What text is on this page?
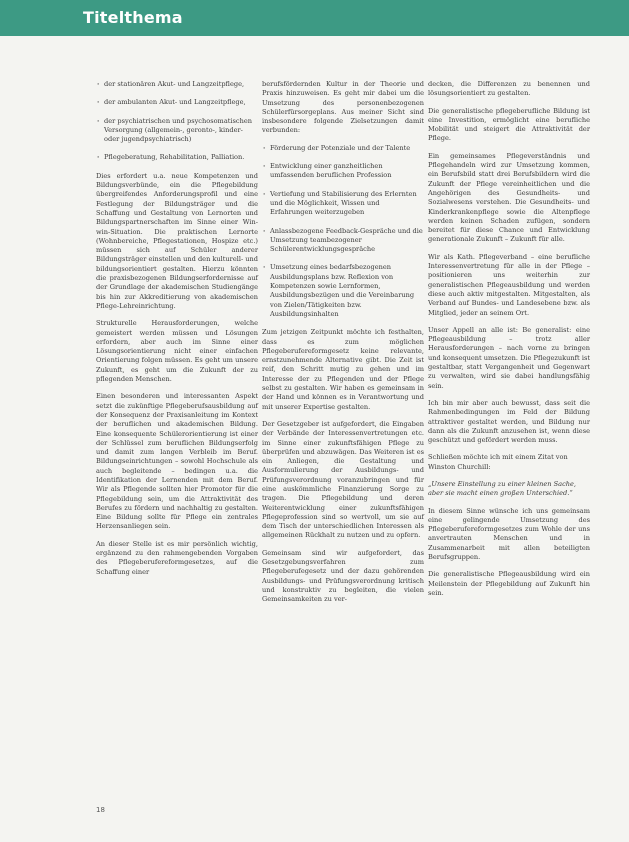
Titelthema
· der stationären Akut- und Langzeitpflege,
· der ambulanten Akut- und Langzeitpflege,
· der psychiatrischen und psychosomatischen Versorgung (allgemein-, geronto-, kinder- oder jugendpsychiatrisch)
· Pflegeberatung, Rehabilitation, Palliation.

Dies erfordert u.a. neue Kompetenzen und Bildungsverbünde, ein die Pflegebildung übergreifendes Anforderungsprofil und eine Festlegung der Bildungsträger und die Schaffung und Gestaltung von Lernorten und Bildungspartnerschaften im Sinne einer Win-win-Situation. Die praktischen Lernorte (Wohnbereiche, Pflegestationen, Hospize etc.) müssen sich auf Schüler anderer Bildungsträger einstellen und den kulturell- und bildungsorientiert gestalten. Hierzu könnten die praxisbezogenen Bildungserfordernisse auf der Grundlage der akademischen Studiengänge bis hin zur Akkreditierung von akademischen Pflege-Lehreinrichtung.

Strukturelle Herausforderungen, welche gemeistert werden müssen und Lösungen erfordern, aber auch im Sinne einer Lösungsorientierung nicht einer einfachen Orientierung folgen müssen. Es geht um unsere Zukunft, es geht um die Zukunft der zu pflegenden Menschen.

Einen besonderen und interessanten Aspekt setzt die zukünftige Pflegeberufsausbildung auf der Konsequenz der Praxisanleitung im Kontext der beruflichen und akademischen Bildung. Eine konsequente Schülerorientierung ist einer der Schlüssel zum beruflichen Bildungserfolg und damit zum langen Verbleib im Beruf. Bildungseinrichtungen – sowohl Hochschule als auch begleitende – bedingen u.a. die Identifikation der Lernenden mit dem Beruf. Wir als Pflegende sollten hier Promotor für die Pflegebildung sein, um die Attraktivität des Berufes zu fördern und nachhaltig zu gestalten. Eine Bildung sollte für Pflege ein zentrales Herzensanliegen sein.

An dieser Stelle ist es mir persönlich wichtig, ergänzend zu den rahmengebenden Vorgaben des Pflegeberufereformgesetzes, auf die Schaffung einer

berufsfördernden Kultur in der Theorie und Praxis hinzuweisen. Es geht mir dabei um die Umsetzung des personenbezogenen Schülerfürsorgeplans. Aus meiner Sicht sind insbesondere folgende Zielsetzungen damit verbunden:

· Förderung der Potenziale und der Talente
· Entwicklung einer ganzheitlichen umfassenden beruflichen Profession
· Vertiefung und Stabilisierung des Erlernten und die Möglichkeit, Wissen und Erfahrungen weiterzugeben
· Anlassbezogene Feedback-Gespräche und die Umsetzung teambezogener Schülerentwicklungsgespräche
· Umsetzung eines bedarfsbezogenen Ausbildungsplans bzw. Reflexion von Kompetenzen sowie Lernformen, Ausbildungsbezügen und die Vereinbarung von Zielen/Tätigkeiten bzw. Ausbildungsinhalten

Zum jetzigen Zeitpunkt möchte ich festhalten, dass es zum möglichen Pflegeberufereformgesetz keine relevante, ernstzunehmende Alternative gibt. Die Zeit ist reif, den Schritt mutig zu gehen und im Interesse der zu Pflegenden und der Pflege selbst zu gestalten. Wir haben es gemeinsam in der Hand und können es in Verantwortung und mit unserer Expertise gestalten.

Der Gesetzgeber ist aufgefordert, die Eingaben der Verbände der Interessenvertretungen etc. im Sinne einer zukunftsfähigen Pflege zu überprüfen und abzuwägen. Das Weiteren ist es ein Anliegen, die Gestaltung und Ausformulierung der Ausbildungs- und Prüfungsverordnung voranzubringen und für eine auskömmliche Finanzierung Sorge zu tragen. Die Pflegebildung und deren Weiterentwicklung einer zukunftsfähigen Pflegeprofession sind so wertvoll, um sie auf dem Tisch der unterschiedlichen Interessen als allgemeinen Rückhalt zu nutzen und zu opfern.

Gemeinsam sind wir aufgefordert, das Gesetzgebungsverfahren zum Pflegeberufegesetz und der dazu gehörenden Ausbildungs- und Prüfungsverordnung kritisch und konstruktiv zu begleiten, die vielen Gemeinsamkeiten zu ver-

decken, die Differenzen zu benennen und lösungsorientiert zu gestalten.

Die generalistische pflegeberufliche Bildung ist eine Investition, ermöglicht eine berufliche Mobilität und steigert die Attraktivität der Pflege.

Ein gemeinsames Pflegeverständnis und Pflegehandeln wird zur Umsetzung kommen, ein Berufsbild statt drei Berufsbildern wird die Zukunft der Pflege vereinheitlichen und die Angehörigen des Gesundheits- und Sozialwesens verstehen. Die Gesundheits- und Kinderkrankenpflege sowie die Altenpflege werden keinen Schaden zufügen, sondern bereitet für diese Chance und Entwicklung generationale Zukunft – Zukunft für alle.

Wir als Kath. Pflegeverband – eine berufliche Interessenvertretung für alle in der Pflege – positionieren uns weiterhin zur generalistischen Pflegeausbildung und werden diese auch aktiv mitgestalten. Mitgestalten, als Verband auf Bundes- und Landesebene bzw. als Mitglied, jeder an seinem Ort.

Unser Appell an alle ist: Be generalist: eine Pflegeausbildung – trotz aller Herausforderungen – nach vorne zu bringen und konsequent umsetzen. Die Pflegezukunft ist gestaltbar, statt Vergangenheit und Gegenwart zu verwalten, wird sie dabei handlungsfähig sein.

Ich bin mir aber auch bewusst, dass seit die Rahmenbedingungen im Feld der Bildung attraktiver gestaltet werden, und Bildung nur dann als die Zukunft anzusehen ist, wenn diese geschützt und gefördert werden muss.

Schließen möchte ich mit einem Zitat von Winston Churchill:

„Unsere Einstellung zu einer kleinen Sache, aber sie macht einen großen Unterschied.“

In diesem Sinne wünsche ich uns gemeinsam eine gelingende Umsetzung des Pflegeberufereformgesetzes zum Wohle der uns anvertrauten Menschen und in Zusammenarbeit mit allen beteiligten Berufsgruppen.

Die generalistische Pflegeausbildung wird ein Meilenstein der Pflegebildung auf Zukunft hin sein.

18
